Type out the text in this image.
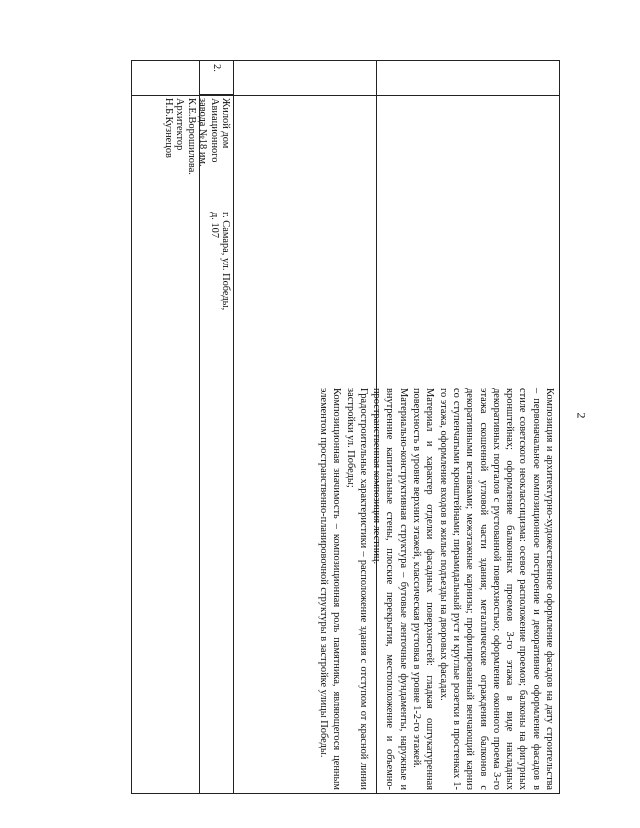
2
2.
Жилой дом
Авиационного
завода №18 им.
К.Е.Ворошилова.
Архитектор
Н.Б.Кузнецов
г. Самара, ул. Победы,
д. 107

Композиция и архитектурно-художественное оформление фасадов на дату строительства – первоначальное композиционное построение и декоративное оформление фасадов в стиле советского неоклассицизма: осевое расположение проемов; балконы на фигурных кронштейнах; оформление балконных проемов 3-го этажа в виде накладных декоративных порталов с рустованной поверхностью; оформление оконного проема 3-го этажа скошенной угловой части здания; металлические ограждения балконов с декоративными вставками; межэтажные карнизы; профилированный венчающий карниз со ступенчатыми кронштейнами; пирамидальный руст и круглые розетки в простенках 1-го этажа, оформление входов в жилые подъезды на дворовых фасадах.

Материал и характер отделки фасадных поверхностей: гладкая оштукатуренная поверхность в уровне верхних этажей, классическая рустовка в уровне 1-2-го этажей.

Материально-конструктивная структура – бутовые ленточные фундаменты, наружные и внутренние капитальные стены, плоские перекрытия, местоположение и объемно-пространственная композиция лестниц.

Градостроительные характеристики – расположение здания с отступом от красной линии застройки ул. Победы;

Композиционная значимость – композиционная роль памятника, являющегося ценным элементом пространственно-планировочной структуры в застройке улицы Победы.
